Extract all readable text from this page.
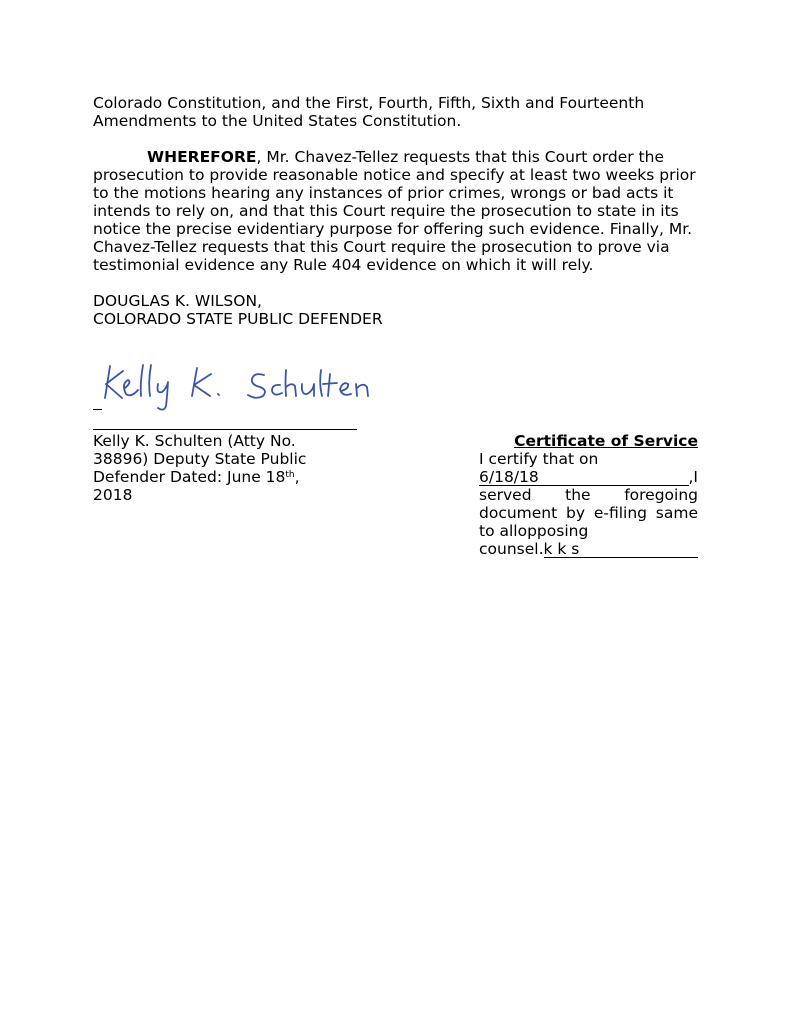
Colorado Constitution, and the First, Fourth, Fifth, Sixth and Fourteenth Amendments to the United States Constitution.

WHEREFORE, Mr. Chavez-Tellez requests that this Court order the prosecution to provide reasonable notice and specify at least two weeks prior to the motions hearing any instances of prior crimes, wrongs or bad acts it intends to rely on, and that this Court require the prosecution to state in its notice the precise evidentiary purpose for offering such evidence. Finally, Mr. Chavez-Tellez requests that this Court require the prosecution to prove via testimonial evidence any Rule 404 evidence on which it will rely.

DOUGLAS K. WILSON,
COLORADO STATE PUBLIC DEFENDER
Kelly K. Schulten (Atty No. 38896) Deputy State Public Defender Dated: June 18th, 2018
Certificate of Service
I certify that on
6/18/18	,I
served the foregoing
document by e-filing same
to allopposing
counsel. k k s
